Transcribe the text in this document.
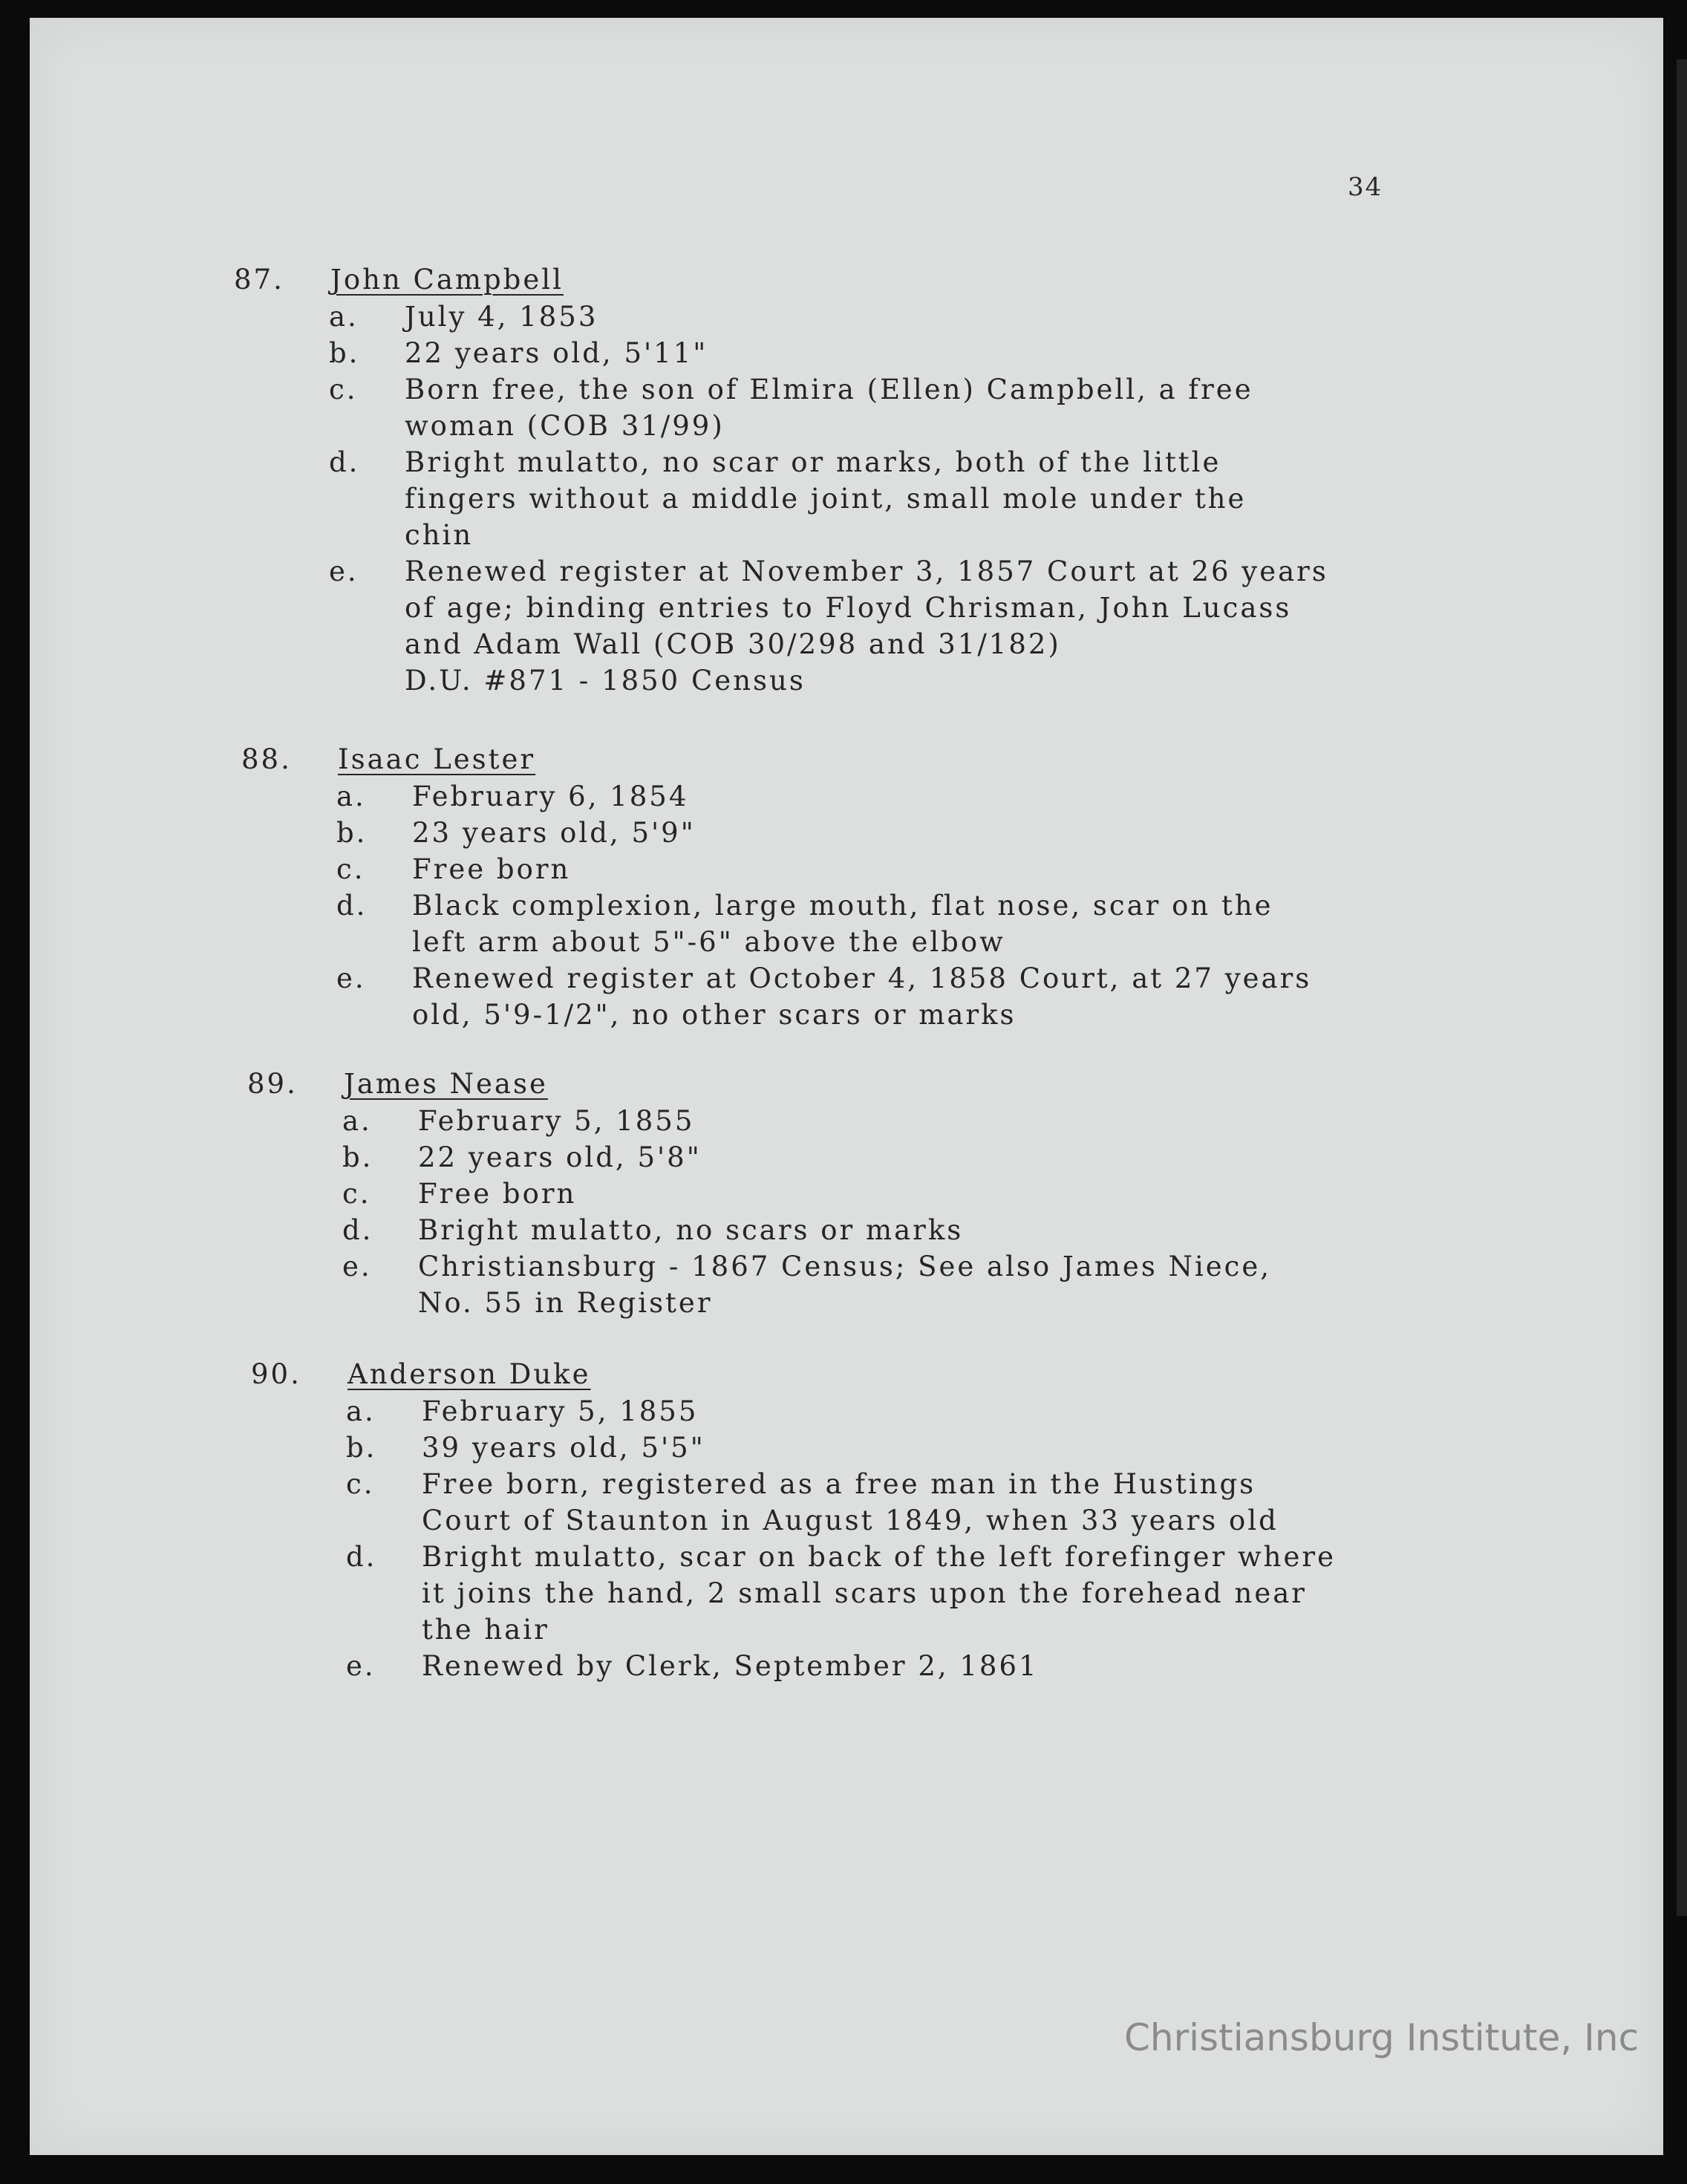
34
87. John Campbell
a.	July 4, 1853
b.	22 years old, 5'11"
c.	Born free, the son of Elmira (Ellen) Campbell, a free
woman (COB 31/99)
d.	Bright mulatto, no scar or marks, both of the little
fingers without a middle joint, small mole under the
chin
e.	Renewed register at November 3, 1857 Court at 26 years
of age; binding entries to Floyd Chrisman, John Lucass
and Adam Wall (COB 30/298 and 31/182)
D.U. #871 - 1850 Census
88. Isaac Lester
a.	February 6, 1854
b.	23 years old, 5'9"
c.	Free born
d.	Black complexion, large mouth, flat nose, scar on the
left arm about 5"-6" above the elbow
e.	Renewed register at October 4, 1858 Court, at 27 years
old, 5'9-1/2", no other scars or marks
89. James Nease
a.	February 5, 1855
b.	22 years old, 5'8"
c.	Free born
d.	Bright mulatto, no scars or marks
e.	Christiansburg - 1867 Census; See also James Niece,
No. 55 in Register
90. Anderson Duke
a.	February 5, 1855
b.	39 years old, 5'5"
c.	Free born, registered as a free man in the Hustings
Court of Staunton in August 1849, when 33 years old
d.	Bright mulatto, scar on back of the left forefinger where
it joins the hand, 2 small scars upon the forehead near
the hair
e.	Renewed by Clerk, September 2, 1861
Christiansburg Institute, Inc
